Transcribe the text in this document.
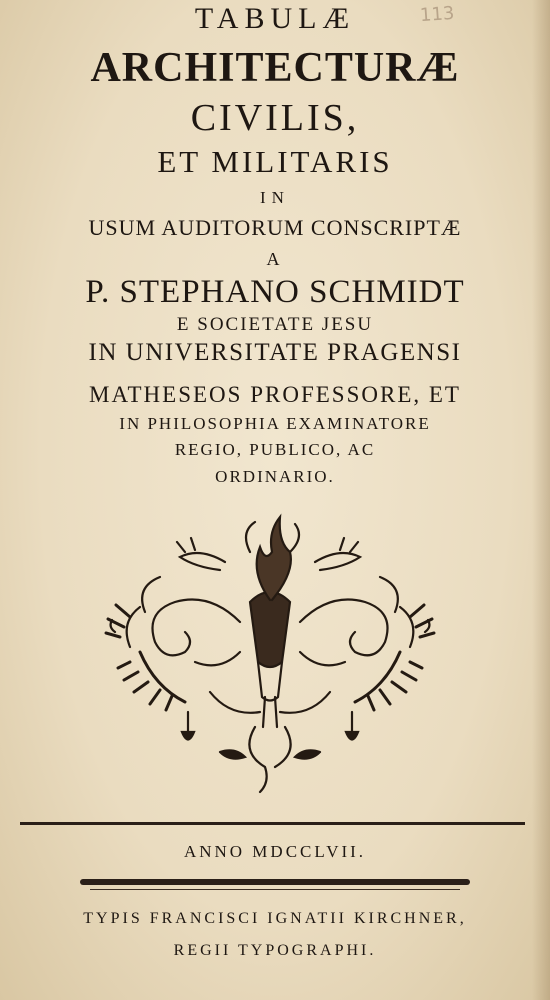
TABULÆ	113
ARCHITECTURÆ
CIVILIS,
ET MILITARIS
IN
USUM AUDITORUM CONSCRIPTÆ
A
P. STEPHANO SCHMIDT
E SOCIETATE JESU
IN UNIVERSITATE PRAGENSI
MATHESEOS PROFESSORE, ET
IN PHILOSOPHIA EXAMINATORE
REGIO, PUBLICO, AC
ORDINARIO.
ANNO MDCCLVII.
TYPIS FRANCISCI IGNATII KIRCHNER,
REGII TYPOGRAPHI.
